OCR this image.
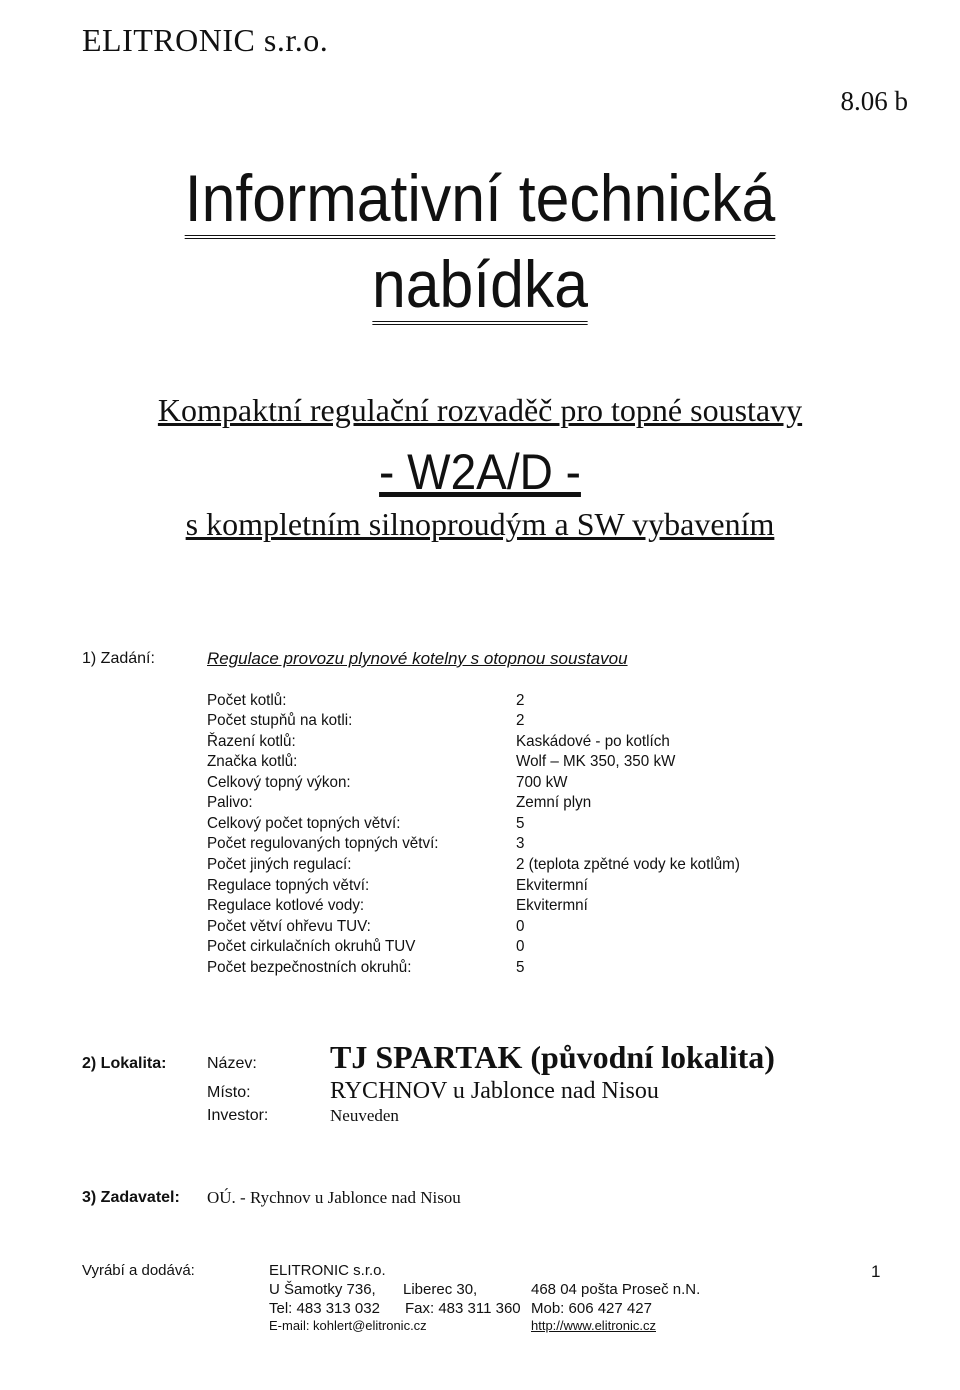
ELITRONIC s.r.o.
8.06 b
Informativní technická
nabídka
Kompaktní regulační rozvaděč pro topné soustavy
- W2A/D -
s kompletním silnoproudým a SW vybavením
1) Zadání:	Regulace provozu plynové kotelny s otopnou soustavou
Počet kotlů:	2
Počet stupňů na kotli:	2
Řazení kotlů:	Kaskádové - po kotlích
Značka kotlů:	Wolf – MK 350, 350 kW
Celkový topný výkon:	700 kW
Palivo:	Zemní plyn
Celkový počet topných větví:	5
Počet regulovaných topných větví:	3
Počet jiných regulací:	2 (teplota zpětné vody ke kotlům)
Regulace topných větví:	Ekvitermní
Regulace kotlové vody:	Ekvitermní
Počet větví ohřevu TUV:	0
Počet cirkulačních okruhů TUV	0
Počet bezpečnostních okruhů:	5
2) Lokalita:	Název: TJ SPARTAK (původní lokalita)
Místo:	RYCHNOV u Jablonce nad Nisou
Investor:	Neuveden
3) Zadavatel: OÚ. - Rychnov u Jablonce nad Nisou
Vyrábí a dodává:	ELITRONIC s.r.o.
U Šamotky 736, Liberec 30,	468 04 pošta Proseč n.N.
Tel: 483 313 032 Fax: 483 311 360 Mob: 606 427 427
E-mail: kohlert@elitronic.cz	http://www.elitronic.cz
1
